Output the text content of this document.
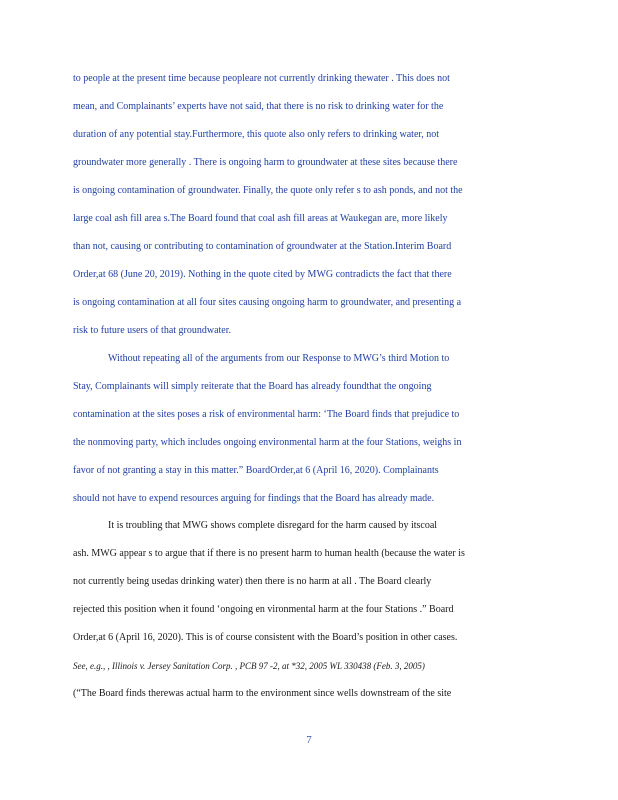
to people at the present time because peopleare not currently drinking thewater . This does not
mean, and Complainants’ experts have not said, that there is no risk to drinking water for the
duration of any potential stay.Furthermore, this quote also only refers to drinking water, not
groundwater more generally . There is ongoing harm to groundwater at these sites because there
is ongoing contamination of groundwater. Finally, the quote only refer s to ash ponds, and not the
large coal ash fill area s.The Board found that coal ash fill areas at Waukegan are, more likely
than not, causing or contributing to contamination of groundwater at the Station.Interim Board
Order,at 68 (June 20, 2019). Nothing in the quote cited by MWG contradicts the fact that there
is ongoing contamination at all four sites causing ongoing harm to groundwater, and presenting a
risk to future users of that groundwater.
Without repeating all of the arguments from our Response to MWG’s third Motion to
Stay, Complainants will simply reiterate that the Board has already foundthat the ongoing
contamination at the sites poses a risk of environmental harm: ‘The Board finds that prejudice to
the nonmoving party, which includes ongoing environmental harm at the four Stations, weighs in
favor of not granting a stay in this matter.” BoardOrder,at 6 (April 16, 2020). Complainants
should not have to expend resources arguing for findings that the Board has already made.
It is troubling that MWG shows complete disregard for the harm caused by itscoal
ash. MWG appear s to argue that if there is no present harm to human health (because the water is
not currently being usedas drinking water) then there is no harm at all . The Board clearly
rejected this position when it found ‘ongoing en vironmental harm at the four Stations .” Board
Order,at 6 (April 16, 2020). This is of course consistent with the Board’s position in other cases.
See, e.g., , Illinois v. Jersey Sanitation Corp. , PCB 97 -2, at *32, 2005 WL 330438 (Feb. 3, 2005)
(“The Board finds therewas actual harm to the environment since wells downstream of the site
7
